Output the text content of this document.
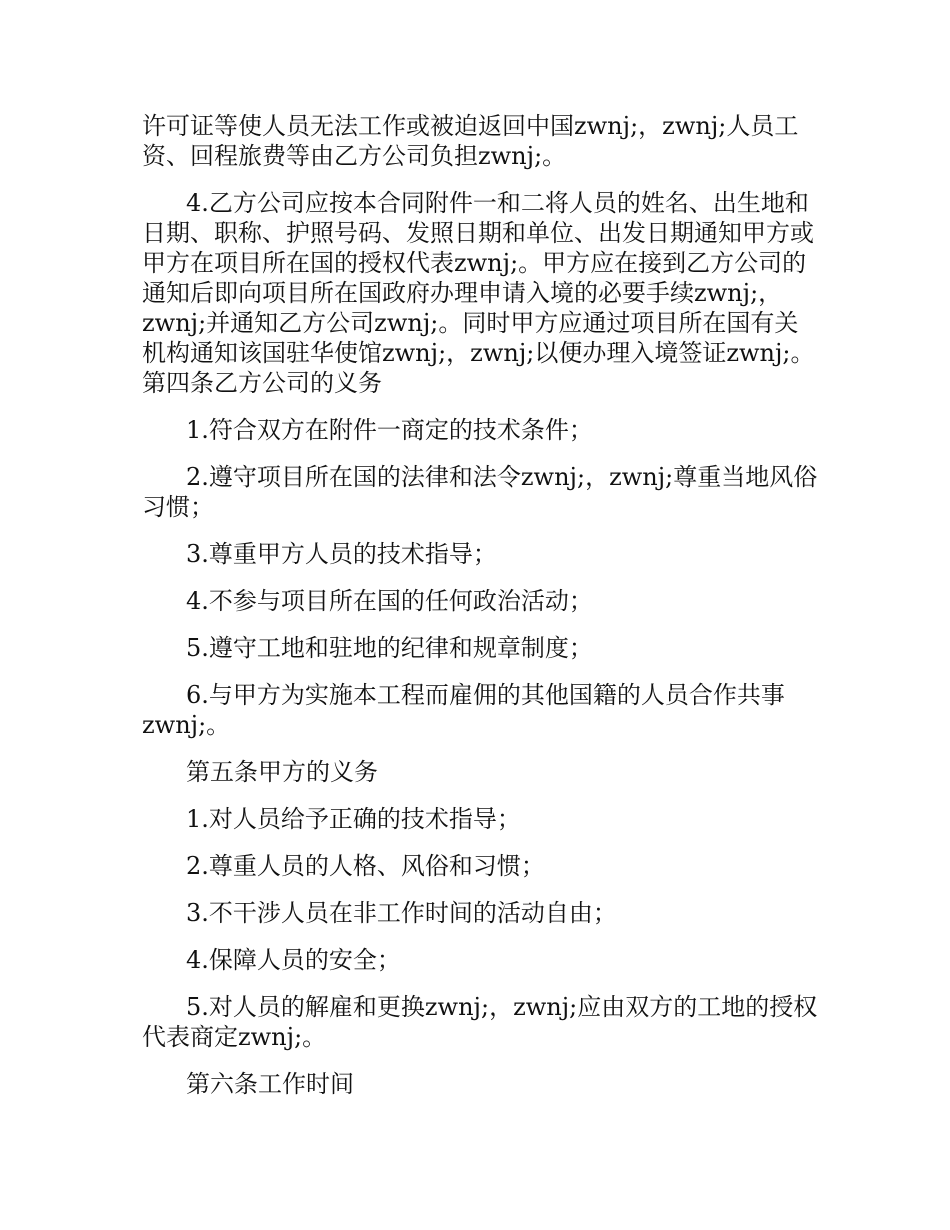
许可证等使人员无法工作或被迫返回中国zwnj;，zwnj;人员工资、回程旅费等由乙方公司负担zwnj;。

4.乙方公司应按本合同附件一和二将人员的姓名、出生地和日期、职称、护照号码、发照日期和单位、出发日期通知甲方或甲方在项目所在国的授权代表zwnj;。甲方应在接到乙方公司的通知后即向项目所在国政府办理申请入境的必要手续zwnj;，zwnj;并通知乙方公司zwnj;。同时甲方应通过项目所在国有关机构通知该国驻华使馆zwnj;，zwnj;以便办理入境签证zwnj;。第四条乙方公司的义务

1.符合双方在附件一商定的技术条件；

2.遵守项目所在国的法律和法令zwnj;，zwnj;尊重当地风俗习惯；

3.尊重甲方人员的技术指导；

4.不参与项目所在国的任何政治活动；

5.遵守工地和驻地的纪律和规章制度；

6.与甲方为实施本工程而雇佣的其他国籍的人员合作共事zwnj;。

第五条甲方的义务

1.对人员给予正确的技术指导；

2.尊重人员的人格、风俗和习惯；

3.不干涉人员在非工作时间的活动自由；

4.保障人员的安全；

5.对人员的解雇和更换zwnj;，zwnj;应由双方的工地的授权代表商定zwnj;。

第六条工作时间
